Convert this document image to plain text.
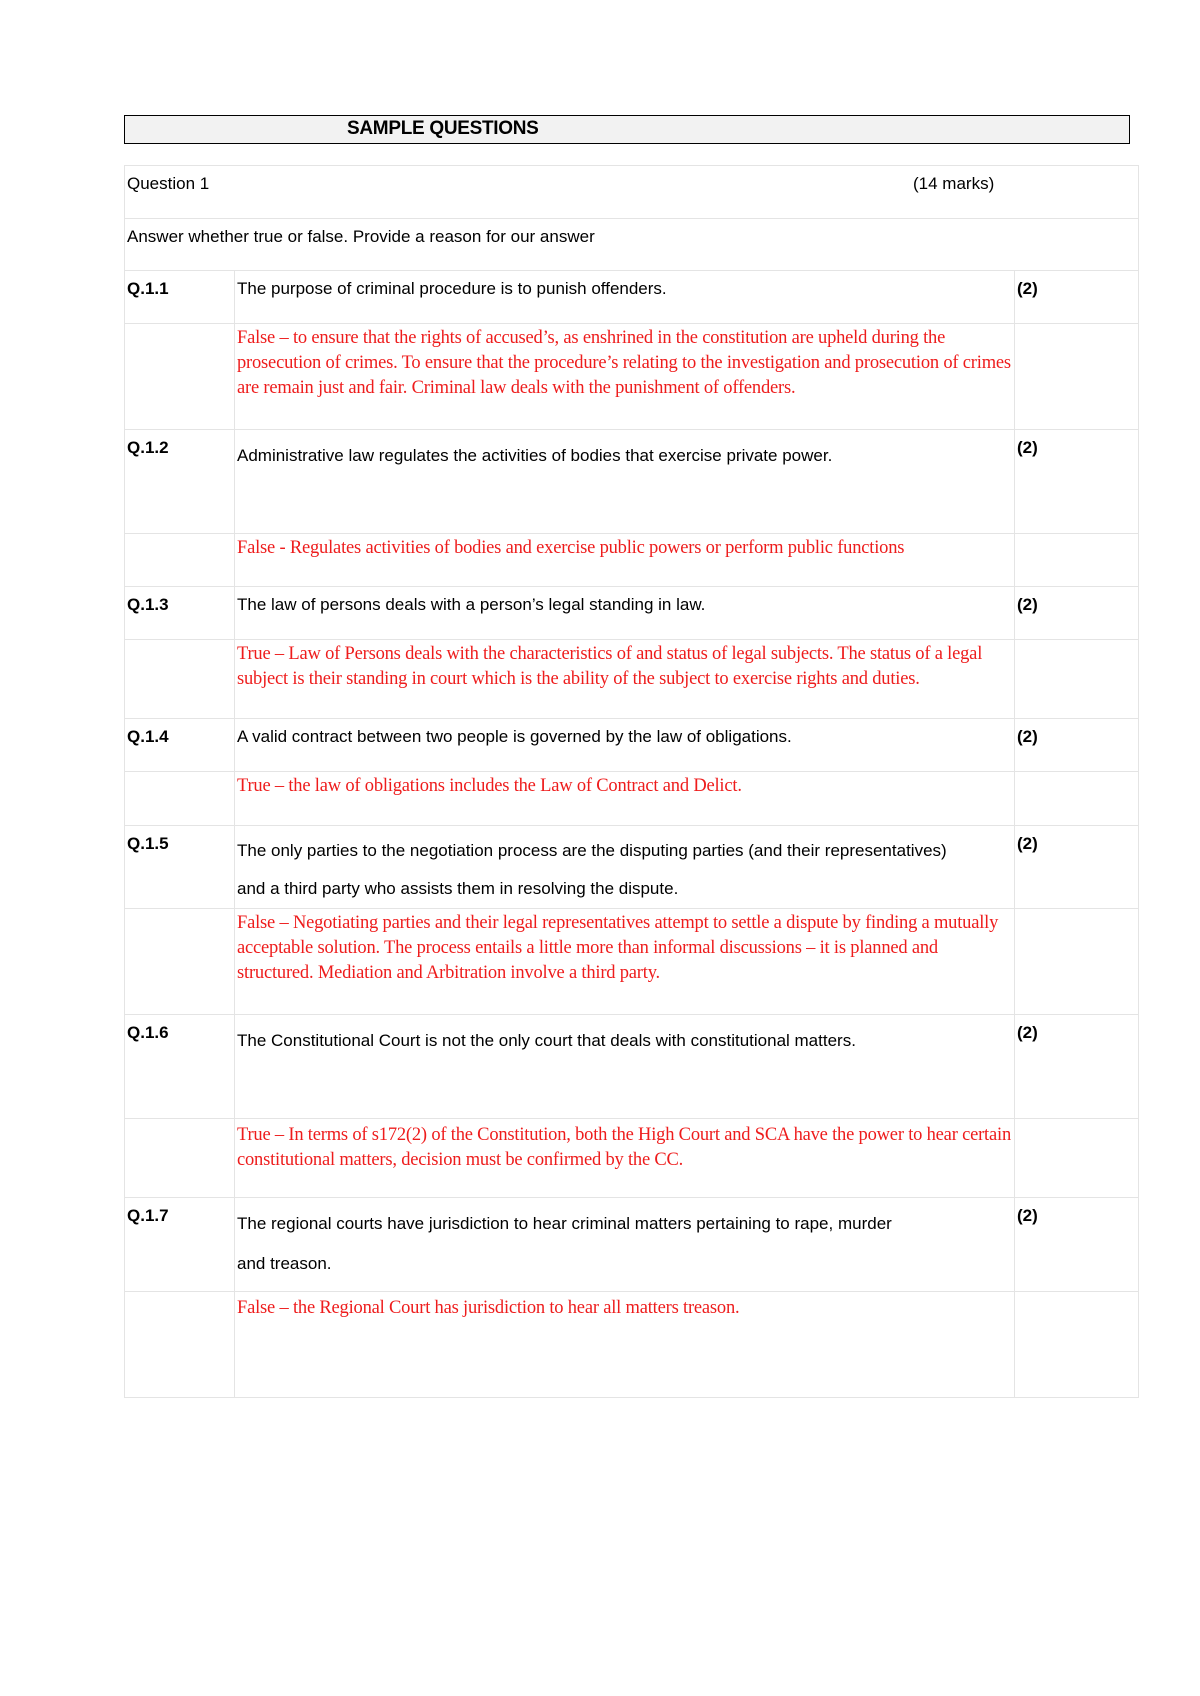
SAMPLE QUESTIONS
Question 1 (14 marks)		

Answer whether true or false. Provide a reason for our answer		
Q.1.1	The purpose of criminal procedure is to punish offenders.	(2)

	False – to ensure that the rights of accused’s, as enshrined in the constitution are upheld during the prosecution of crimes. To ensure that the procedure’s relating to the investigation and prosecution of crimes are remain just and fair. Criminal law deals with the punishment of offenders.	

Q.1.2	Administrative law regulates the activities of bodies that exercise private power.	(2)

	False - Regulates activities of bodies and exercise public powers or perform public functions	

Q.1.3	The law of persons deals with a person’s legal standing in law.	(2)

	True – Law of Persons deals with the characteristics of and status of legal subjects. The status of a legal subject is their standing in court which is the ability of the subject to exercise rights and duties.	

Q.1.4	A valid contract between two people is governed by the law of obligations.	(2)

	True – the law of obligations includes the Law of Contract and Delict.	

Q.1.5	The only parties to the negotiation process are the disputing parties (and their representatives) and a third party who assists them in resolving the dispute.	(2)

	False – Negotiating parties and their legal representatives attempt to settle a dispute by finding a mutually acceptable solution. The process entails a little more than informal discussions – it is planned and structured. Mediation and Arbitration involve a third party.	

Q.1.6	The Constitutional Court is not the only court that deals with constitutional matters.	(2)

	True – In terms of s172(2) of the Constitution, both the High Court and SCA have the power to hear certain constitutional matters, decision must be confirmed by the CC.	

Q.1.7	The regional courts have jurisdiction to hear criminal matters pertaining to rape, murder and treason.	(2)

	False – the Regional Court has jurisdiction to hear all matters treason.	
